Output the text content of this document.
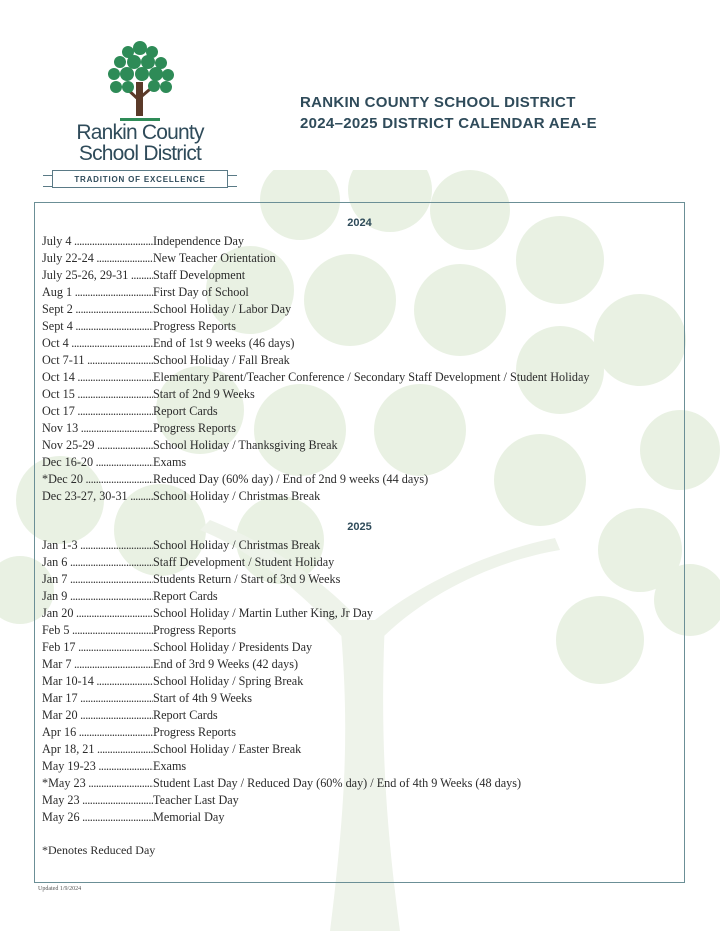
Rankin County
School District
TRADITION OF EXCELLENCE
RANKIN COUNTY SCHOOL DISTRICT
2024–2025 DISTRICT CALENDAR AEA-E
2024
July 4 .....	Independence Day
July 22-24 .....	New Teacher Orientation
July 25-26, 29-31 .....	Staff Development
Aug 1 .....	First Day of School
Sept 2 .....	School Holiday / Labor Day
Sept 4 .....	Progress Reports
Oct 4 .....	End of 1st 9 weeks (46 days)
Oct 7-11 .....	School Holiday / Fall Break
Oct 14 .....	Elementary Parent/Teacher Conference / Secondary Staff Development / Student Holiday
Oct 15 .....	Start of 2nd 9 Weeks
Oct 17 .....	Report Cards
Nov 13 .....	Progress Reports
Nov 25-29 .....	School Holiday / Thanksgiving Break
Dec 16-20 .....	Exams
*Dec 20 .....	Reduced Day (60% day) / End of 2nd 9 weeks (44 days)
Dec 23-27, 30-31 .....	School Holiday / Christmas Break
2025
Jan 1-3 .....	School Holiday / Christmas Break
Jan 6 .....	Staff Development / Student Holiday
Jan 7 .....	Students Return / Start of 3rd 9 Weeks
Jan 9 .....	Report Cards
Jan 20 .....	School Holiday / Martin Luther King, Jr Day
Feb 5 .....	Progress Reports
Feb 17 .....	School Holiday / Presidents Day
Mar 7 .....	End of 3rd 9 Weeks (42 days)
Mar 10-14 .....	School Holiday / Spring Break
Mar 17 .....	Start of 4th 9 Weeks
Mar 20 .....	Report Cards
Apr 16 .....	Progress Reports
Apr 18, 21 .....	School Holiday / Easter Break
May 19-23 .....	Exams
*May 23 .....	Student Last Day / Reduced Day (60% day) / End of 4th 9 Weeks (48 days)
May 23 .....	Teacher Last Day
May 26 .....	Memorial Day
*Denotes Reduced Day
Updated 1/9/2024
